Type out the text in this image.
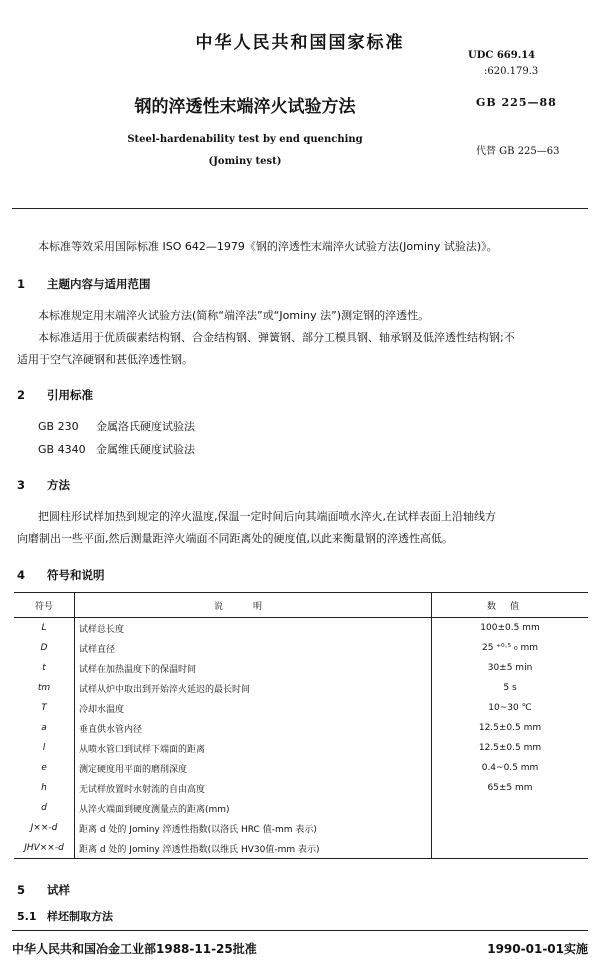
中华人民共和国国家标准
UDC 669.14
:620.179.3
钢的淬透性末端淬火试验方法	GB 225—88
Steel-hardenability test by end quenching
代替 GB 225—63
(Jominy test)
本标准等效采用国际标准 ISO 642—1979《钢的淬透性末端淬火试验方法(Jominy 试验法)》。
1 主题内容与适用范围
本标准规定用末端淬火试验方法(简称“端淬法”或“Jominy 法”)测定钢的淬透性。
本标准适用于优质碳素结构钢、合金结构钢、弹簧钢、部分工模具钢、轴承钢及低淬透性结构钢;不
适用于空气淬硬钢和甚低淬透性钢。
2 引用标准
GB 230 金属洛氏硬度试验法
GB 4340 金属维氏硬度试验法
3 方法
把圆柱形试样加热到规定的淬火温度,保温一定时间后向其端面喷水淬火,在试样表面上沿轴线方
向磨制出一些平面,然后测量距淬火端面不同距离处的硬度值,以此来衡量钢的淬透性高低。
4 符号和说明
符号	说明	数值
L	试样总长度	100±0.5 mm
D	试样直径	25 ⁺⁰·⁵ ₀ mm
t	试样在加热温度下的保温时间	30±5 min
tm	试样从炉中取出到开始淬火延迟的最长时间	5 s
T	冷却水温度	10~30 ℃
a	垂直供水管内径	12.5±0.5 mm
l	从喷水管口到试样下端面的距离	12.5±0.5 mm
e	测定硬度用平面的磨削深度	0.4~0.5 mm
h	无试样放置时水射流的自由高度	65±5 mm
d	从淬火端面到硬度测量点的距离(mm)	
J××-d	距离 d 处的 Jominy 淬透性指数(以洛氏 HRC 值-mm 表示)	
JHV××-d	距离 d 处的 Jominy 淬透性指数(以维氏 HV30值-mm 表示)	
5 试样
5.1 样坯制取方法
中华人民共和国冶金工业部1988-11-25批准	1990-01-01实施
